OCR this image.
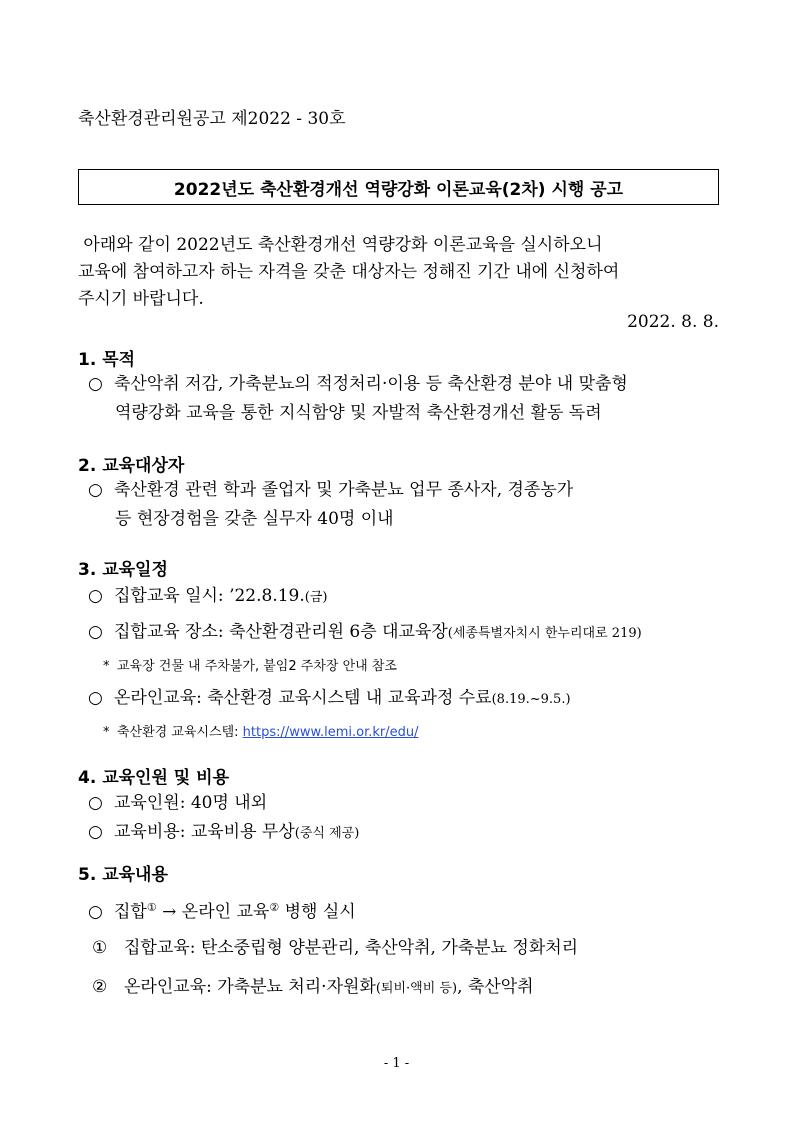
축산환경관리원공고 제2022 - 30호
2022년도 축산환경개선 역량강화 이론교육(2차) 시행 공고

아래와 같이 2022년도 축산환경개선 역량강화 이론교육을 실시하오니

교육에 참여하고자 하는 자격을 갖춘 대상자는 정해진 기간 내에 신청하여

주시기 바랍니다.

2022. 8. 8.
1. 목적
○ 축산악취 저감, 가축분뇨의 적정처리·이용 등 축산환경 분야 내 맞춤형
역량강화 교육을 통한 지식함양 및 자발적 축산환경개선 활동 독려
2. 교육대상자
○ 축산환경 관련 학과 졸업자 및 가축분뇨 업무 종사자, 경종농가
등 현장경험을 갖춘 실무자 40명 이내
3. 교육일정
○ 집합교육 일시: ’22.8.19.(금)
○ 집합교육 장소: 축산환경관리원 6층 대교육장(세종특별자치시 한누리대로 219)
* 교육장 건물 내 주차불가, 붙임2 주차장 안내 참조
○ 온라인교육: 축산환경 교육시스템 내 교육과정 수료(8.19.~9.5.)
* 축산환경 교육시스템: https://www.lemi.or.kr/edu/
4. 교육인원 및 비용
○ 교육인원: 40명 내외
○ 교육비용: 교육비용 무상(중식 제공)
5. 교육내용
○ 집합① → 온라인 교육② 병행 실시
① 집합교육: 탄소중립형 양분관리, 축산악취, 가축분뇨 정화처리
② 온라인교육: 가축분뇨 처리·자원화(퇴비·액비 등), 축산악취
- 1 -
